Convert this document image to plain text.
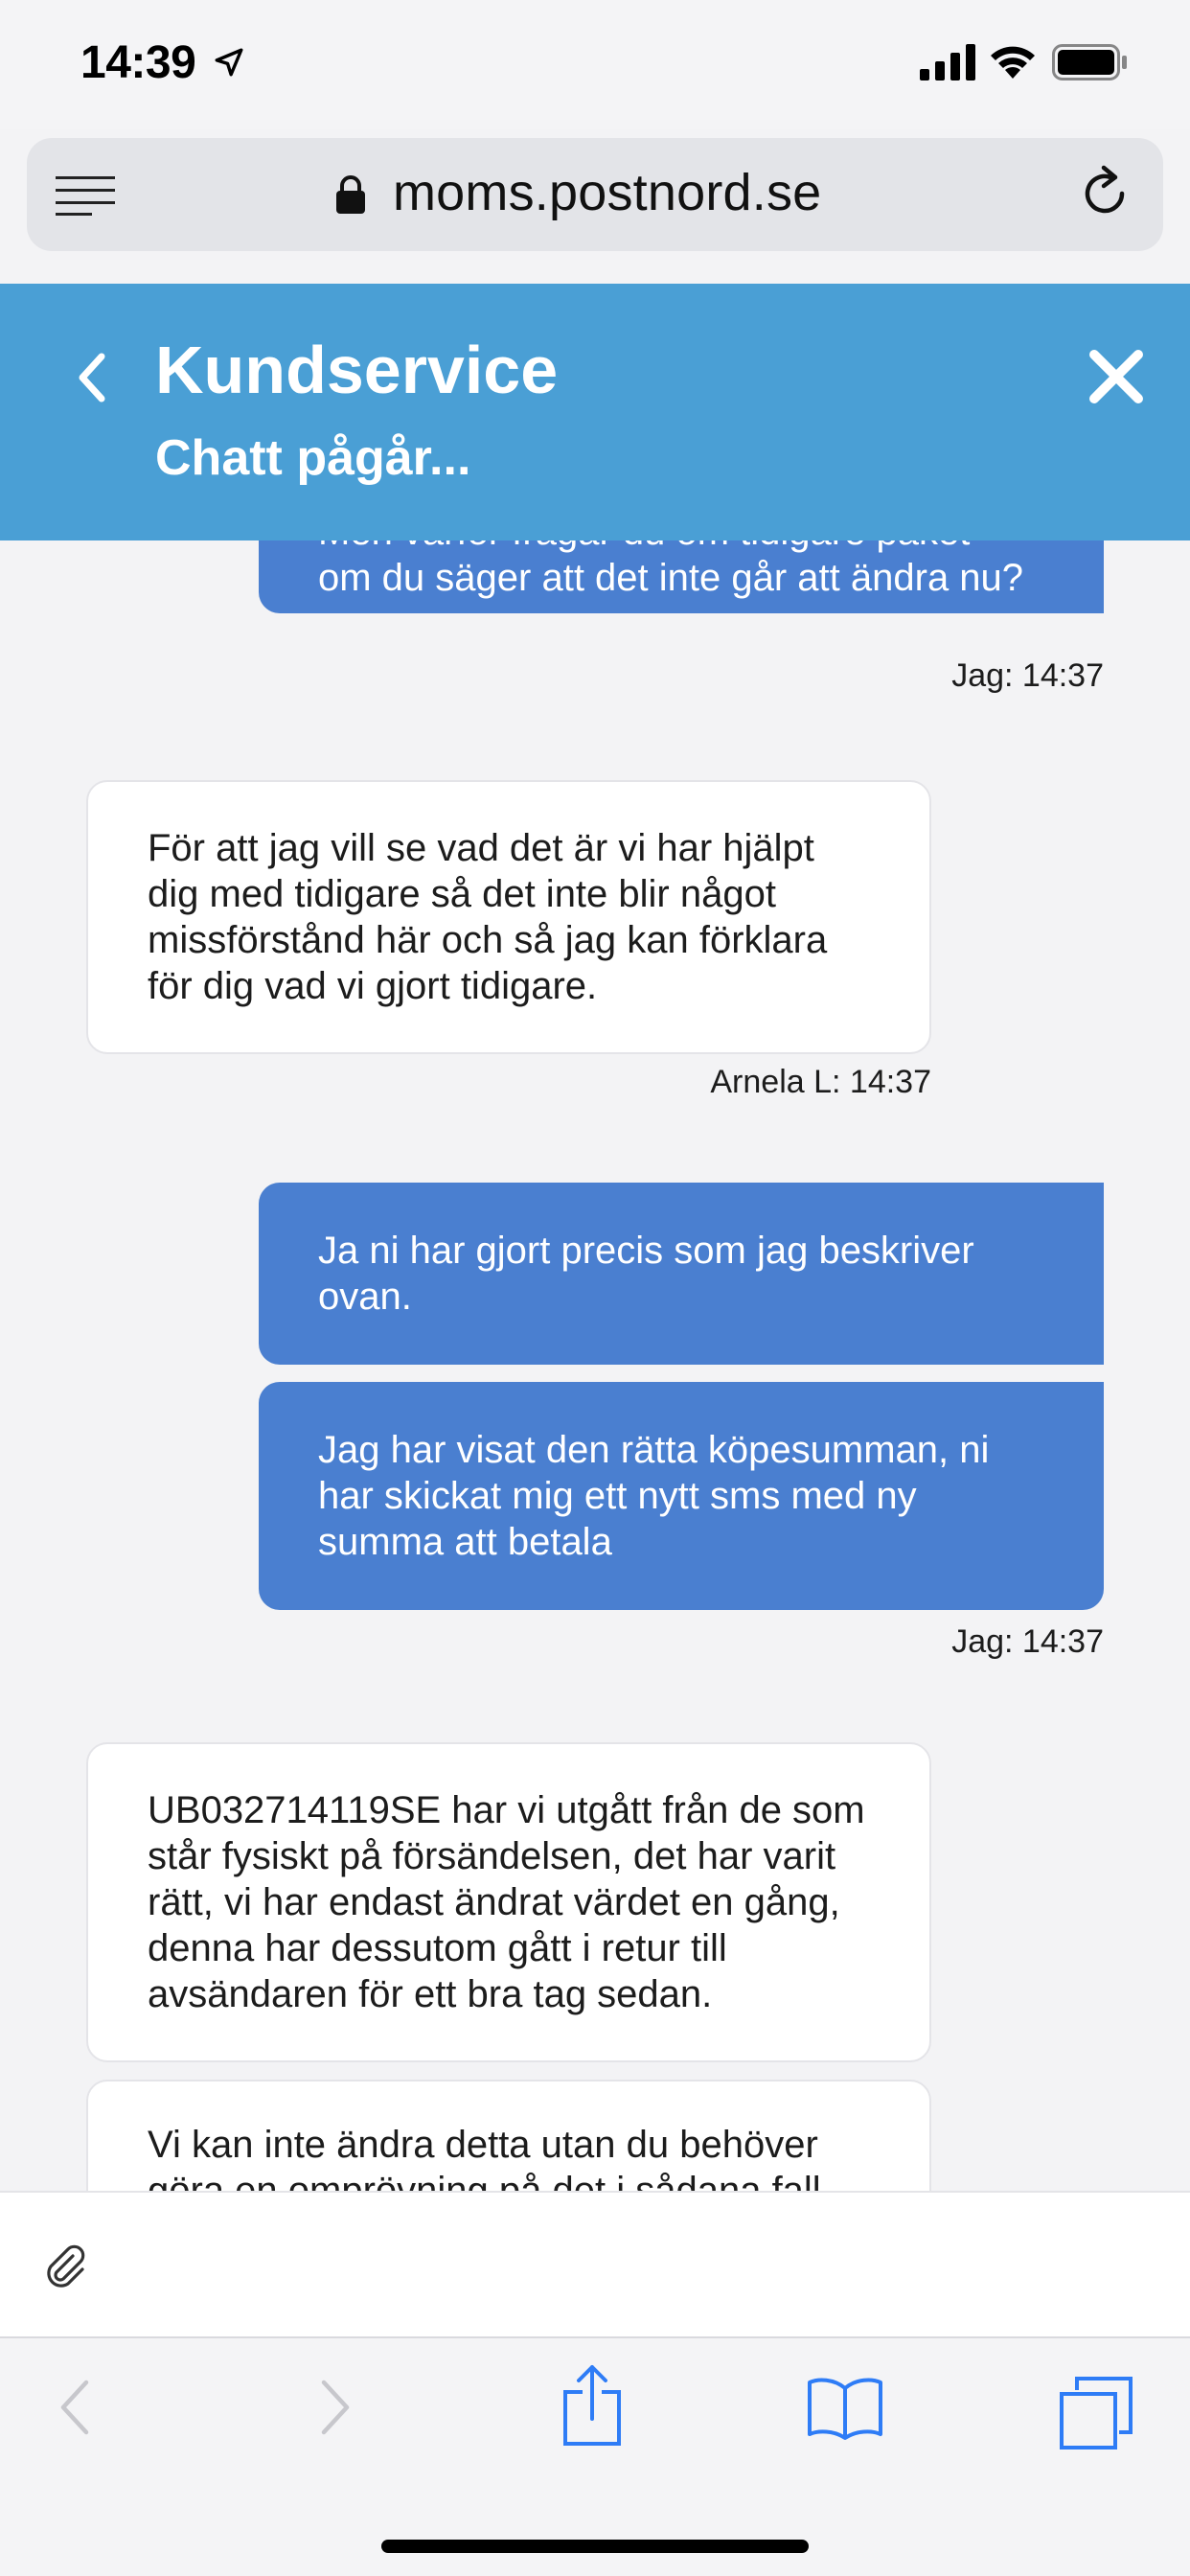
14:39
moms.postnord.se
Kundservice
Chatt pågår...

om du säger att det inte går att ändra nu?
Jag: 14:37
För att jag vill se vad det är vi har hjälpt
dig med tidigare så det inte blir något
missförstånd här och så jag kan förklara
för dig vad vi gjort tidigare.
Arnela L: 14:37
Ja ni har gjort precis som jag beskriver
ovan.
Jag har visat den rätta köpesumman, ni
har skickat mig ett nytt sms med ny
summa att betala
Jag: 14:37
UB032714119SE har vi utgått från de som
står fysiskt på försändelsen, det har varit
rätt, vi har endast ändrat värdet en gång,
denna har dessutom gått i retur till
avsändaren för ett bra tag sedan.
Vi kan inte ändra detta utan du behöver
